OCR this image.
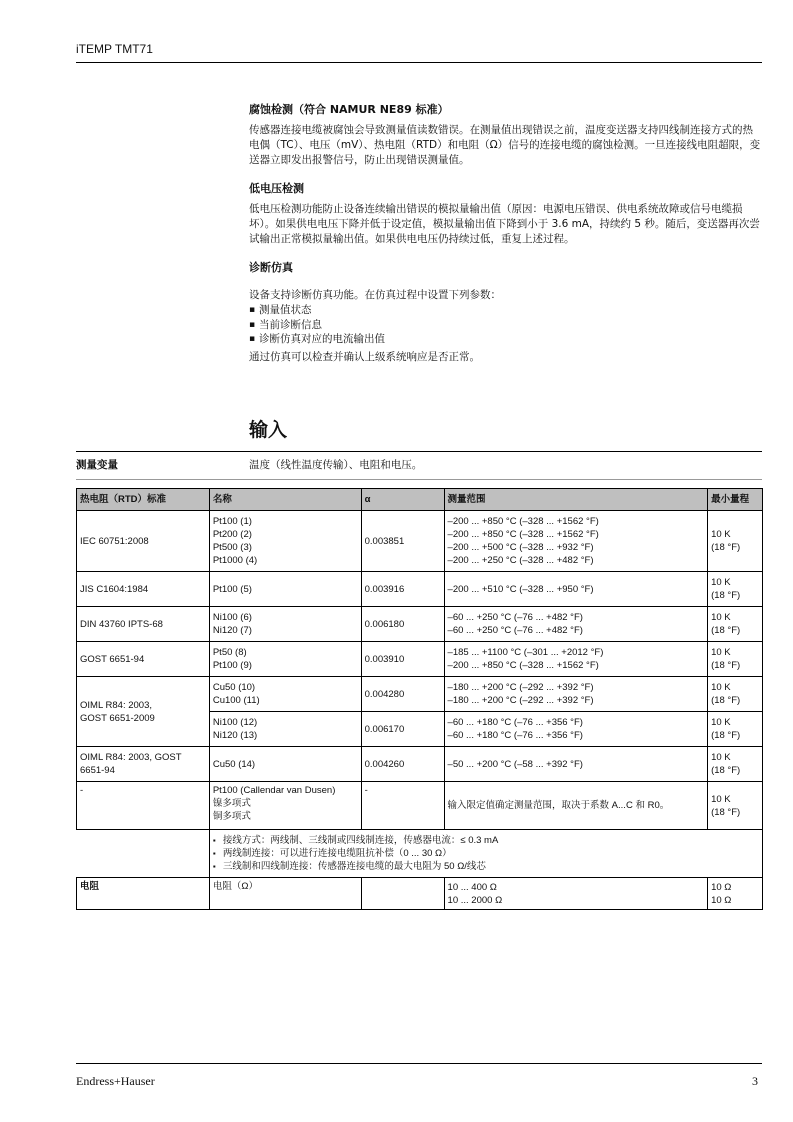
iTEMP TMT71
腐蚀检测（符合 NAMUR NE89 标准）
传感器连接电缆被腐蚀会导致测量值读数错误。在测量值出现错误之前，温度变送器支持四线制连接方式的热电偶（TC）、电压（mV）、热电阻（RTD）和电阻（Ω）信号的连接电缆的腐蚀检测。一旦连接线电阻超限，变送器立即发出报警信号，防止出现错误测量值。
低电压检测
低电压检测功能防止设备连续输出错误的模拟量输出值（原因：电源电压错误、供电系统故障或信号电缆损坏）。如果供电电压下降并低于设定值，模拟量输出值下降到小于 3.6 mA，持续约 5 秒。随后，变送器再次尝试输出正常模拟量输出值。如果供电电压仍持续过低，重复上述过程。
诊断仿真
设备支持诊断仿真功能。在仿真过程中设置下列参数：
▪ 测量值状态
▪ 当前诊断信息
▪ 诊断仿真对应的电流输出值
通过仿真可以检查并确认上级系统响应是否正常。
输入
测量变量	温度（线性温度传输）、电阻和电压。
热电阻（RTD）标准	名称	α	测量范围	最小量程
IEC 60751:2008	Pt100 (1)
Pt200 (2)
Pt500 (3)
Pt1000 (4)	0.003851	–200 ... +850 °C (–328 ... +1562 °F)
–200 ... +850 °C (–328 ... +1562 °F)
–200 ... +500 °C (–328 ... +932 °F)
–200 ... +250 °C (–328 ... +482 °F)	10 K
(18 °F)
JIS C1604:1984	Pt100 (5)	0.003916	–200 ... +510 °C (–328 ... +950 °F)	10 K
(18 °F)
DIN 43760 IPTS-68	Ni100 (6)
Ni120 (7)	0.006180	–60 ... +250 °C (–76 ... +482 °F)
–60 ... +250 °C (–76 ... +482 °F)	10 K
(18 °F)
GOST 6651-94	Pt50 (8)
Pt100 (9)	0.003910	–185 ... +1100 °C (–301 ... +2012 °F)
–200 ... +850 °C (–328 ... +1562 °F)	10 K
(18 °F)
OIML R84: 2003,
GOST 6651-2009	Cu50 (10)
Cu100 (11)	0.004280	–180 ... +200 °C (–292 ... +392 °F)
–180 ... +200 °C (–292 ... +392 °F)	10 K
(18 °F)
	Ni100 (12)
Ni120 (13)	0.006170	–60 ... +180 °C (–76 ... +356 °F)
–60 ... +180 °C (–76 ... +356 °F)	10 K
(18 °F)
OIML R84: 2003, GOST
6651-94	Cu50 (14)	0.004260	–50 ... +200 °C (–58 ... +392 °F)	10 K
(18 °F)
-	Pt100 (Callendar van Dusen)
镍多项式
铜多项式	-	输入限定值确定测量范围，取决于系数 A...C 和 R0。	10 K
(18 °F)

	▪ 接线方式：两线制、三线制或四线制连接，传感器电流：≤ 0.3 mA
▪ 两线制连接：可以进行连接电缆阻抗补偿（0 ... 30 Ω）
▪ 三线制和四线制连接：传感器连接电缆的最大电阻为 50 Ω/线芯

电阻	电阻（Ω）		10 ... 400 Ω
10 ... 2000 Ω	10 Ω
10 Ω
Endress+Hauser	3
